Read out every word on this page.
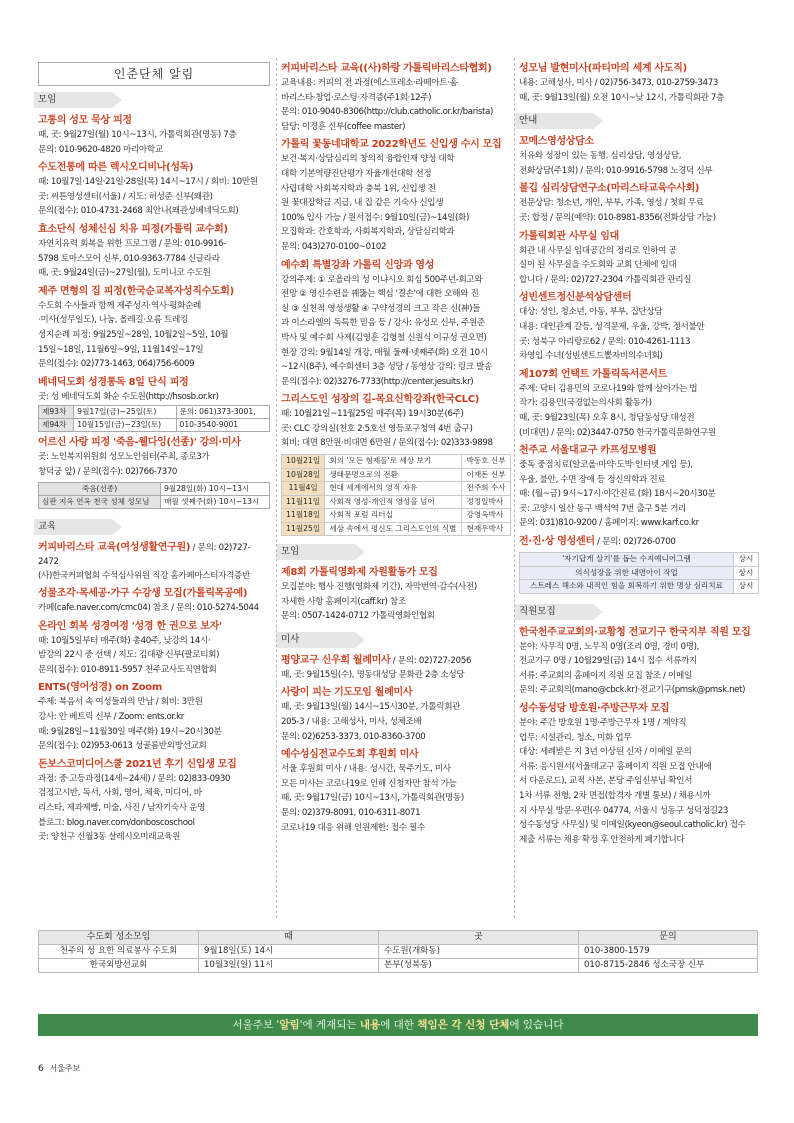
인준단체 알림
모임
고통의 성모 묵상 피정
때, 곳: 9월27일(월) 10시~13시, 가톨릭회관(명동) 7층
문의: 010-9620-4820 마리아학교
수도전통에 따른 렉시오디비나(성독)
때: 10월7일·14일·21일·28일(목) 14시~17시 / 회비: 10만원
곳: 씨튼영성센터(서울) / 지도: 허성준 신부(왜관)
문의(접수): 010-4731-2468 최안나(왜관성베네딕도회)
효소단식 성체신심 치유 피정(가톨릭 교수회)
자연치유력 회복을 위한 프로그램 / 문의: 010-9916-
5798 토마스모어 신부, 010-9363-7784 신글라라
때, 곳: 9월24일(금)~27일(월), 도미니코 수도원
제주 면형의 집 피정(한국순교복자성직수도회)
수도회 수사들과 함께 제주성지·역사·평화순례
·미사(성무일도), 나눔, 올레길·오름 트레킹
성지순례 피정: 9월25일~28일, 10월2일~5일, 10월
15일~18일, 11월6일~9일, 11월14일~17일
문의(접수): 02)773-1463, 064)756-6009
베네딕도회 성경통독 8일 단식 피정
곳: 성 베네딕도회 화순 수도원(http://hsosb.or.kr)
제93차	9월17일(금)~25일(토)	문의: 061)373-3001,
제94차	10월15일(금)~23일(토)	010-3540-9001
어르신 사랑 피정 '죽음-웰다잉(선종)' 강의·미사
곳: 노인복지위원회 성모노인쉼터(주최, 종로3가
창덕궁 앞) / 문의(접수): 02)766-7370
죽음(선종)	9월28일(화) 10시~13시
심판 지옥 연옥 천국 성체 성모님	매월 셋째주(화) 10시~13시
교육
커피바리스타 교육(여성생활연구원) / 문의: 02)727-2472
(사)한국커피협회 수석심사위원 직강 홈카페마스터자격증반
성물조각·목세공·가구 수강생 모집(가톨릭목공예)
카페(cafe.naver.com/cmc04) 참조 / 문의: 010-5274-5044
온라인 회복 성경여정 '성경 한 권으로 보자'
때: 10월5일부터 매주(화) 총40주, 낮강의 14시·
밤강의 22시 중 선택 / 지도: 김대광 신부(팔로티회)
문의(접수): 010-8911-5957 천주교사도직연합회
ENTS(영어성경) on Zoom
주제: 복음서 속 여성들과의 만남 / 회비: 3만원
강사: 안 베트릭 신부 / Zoom: ents.or.kr
때: 9월28일~11월30일 매주(화) 19시~20시30분
문의(접수): 02)953-0613 성골롬반외방선교회
돈보스코미디어스쿨 2021년 후기 신입생 모집
과정: 중·고등과정(14세~24세) / 문의: 02)833-0930
검정고시반, 독서, 사회, 영어, 체육, 미디어, 바
리스타, 제과제빵, 미술, 사진 / 남자기숙사 운영
블로그: blog.naver.com/donboscoschool
곳: 양천구 신월3동 살레시오미래교육원
커피바리스타 교육((사)하랑 가톨릭바리스타협회)
교육내용: 커피의 전 과정(에스프레소·라떼아트·홈
바리스타·창업·로스팅·자격증(주1회·12주)
문의: 010-9040-8306(http://club.catholic.or.kr/barista)
담당: 이경훈 신부(coffee master)
가톨릭 꽃동네대학교 2022학년도 신입생 수시 모집
보건·복지·상담심리의 창의적 융합인재 양성 대학
대학 기본역량진단평가 자율개선대학 선정
사립대학 사회복지학과 충북 1위, 신입생 전
원 꽃대장학금 지급, 내 집 같은 기숙사 신입생
100% 입사 가능 / 원서접수: 9월10일(금)~14일(화)
모집학과: 간호학과, 사회복지학과, 상담심리학과
문의: 043)270-0100~0102
예수회 특별강좌 가톨릭 신앙과 영성
강의주제: ① 로욜라의 성 이냐시오 회심 500주년-회고와
전망 ② 영신수련을 꿰뚫는 핵심 '결손'에 대한 오해와 진
실 ③ 실천적 영성생활 ④ 구약성경의 크고 작은 신(神)들
과 이스라엘의 독특한 믿음 등 / 강사: 유성모 신부, 주원준
박사 및 예수회 사제(김영훈 김형철 신원식 이규성 권오면)
현장 강의: 9월14일 개강, 매월 둘째·넷째주(화) 오전 10시
~12시(8주), 예수회센터 3층 성당 / 동영상 강의: 링크 발송
문의(접수): 02)3276-7733(http://center.jesuits.kr)
그리스도인 성장의 길-목요신학강좌(한국CLC)
때: 10월21일~11월25일 매주(목) 19시30분(6주)
곳: CLC 강의실(천호 2·5호선 영등포구청역 4번 출구)
회비: 대면 8만원·비대면 6만원 / 문의(접수): 02)333-9898
10월21일	회의 '모든 형제들'로 세상 보기	박동호 신부
10월28일	생태문명으로의 전환	이재돈 신부
11월4일	현대 세계에서의 영적 자유	전주희 수사
11월11일	사회적 영성-개인적 영성을 넘어	정정일박사
11월18일	사회적 포럼 리터십	강영옥박사
11월25일	세상 속에서 평신도 그리스도인의 식별	현재우박사
모임
제8회 가톨릭영화제 자원활동가 모집
모집분야: 행사 진행(영화제 기간), 자막번역·감수(사전)
자세한 사항 홈페이지(caff.kr) 참조
문의: 0507-1424-0712 가톨릭영화인협회
미사
평양교구 신우회 월례미사 / 문의: 02)727-2056
때, 곳: 9월15일(수), 명동대성당 문화관 2층 소성당
사랑이 피는 기도모임 월례미사
때, 곳: 9월13일(월) 14시~15시30분, 가톨릭회관
205-3 / 내용: 고해성사, 미사, 성체조배
문의: 02)6253-3373, 010-8360-3700
예수성심전교수도회 후원회 미사
서울 후원회 미사 / 내용: 성시간, 묵주기도, 미사
모든 미사는 코로나19로 인해 신청자만 참석 가능
때, 곳: 9월17일(금) 10시~13시, 가톨릭회관(명동)
문의: 02)379-8091, 010-6311-8071
코로나19 대응 위해 인원제한: 접수 필수
성모님 발현미사(파티마의 세계 사도직)
내용: 고해성사, 미사 / 02)756-3473, 010-2759-3473
때, 곳: 9월13일(월) 오전 10시~낮 12시, 가톨릭회관 7층
안내
꼬메스영성상담소
치유와 성장이 있는 동행. 심리상담, 영성상담,
전화상담(주1회) / 문의: 010-9916-5798 노경덕 신부
볼깁 심리상담연구소(마리스타교육수사회)
전문상담: 청소년, 개인, 부부, 가족, 영성 / 첫회 무료
곳: 합정 / 문의(예약): 010-8981-8356(전화상담 가능)
가톨릭회관 사무실 임대
회관 내 사무실 임대공간의 정리로 인하여 공
실이 된 사무실을 수도회와 교회 단체에 임대
합니다 / 문의: 02)727-2304 가톨릭회관 관리실
성빈센트정신분석상담센터
대상: 성인, 청소년, 아동, 부부, 집단상담
내용: 대인관계 갈등, 성격문제, 우울, 강박, 정서불안
곳: 성북구 아리랑로62 / 문의: 010-4261-1113
차영입 수녀(성빈센트드뽈자비의수녀회)
제107회 언택트 가톨릭독서콘서트
주제: 닥터 김용민의 코로나19와 함께 살아가는 법
작가: 김용민(국경없는의사회 활동가)
때, 곳: 9월23일(목) 오후 8시, 청담동성당 대성전
(비대면) / 문의: 02)3447-0750 한국가톨릭문화연구원
천주교 서울대교구 카프성모병원
중독 중점치료(알코올·마약·도박·인터넷 게임 등),
우울, 불안, 수면 장애 등 정신의학과 진료
때: (월~금) 9시~17시·야간진료 (화) 18시~20시30분
곳: 고양시 일산 동구 백석역 7번 출구 5분 거리
문의: 031)810-9200 / 홈페이지: www.karf.co.kr
전·진·상 영성센터 / 문의: 02)726-0700
'자기답게 살기'를 돕는 수지예니어그램	상시
의식성장을 위한 내면아이 작업	상시
스트레스 해소와 내적인 힘을 회복하기 위한 명상 심리치료	상시
직원모집
한국천주교교회의·교황청 전교기구 한국지부 직원 모집
분야: 사무직 0명, 노무직 0명(조리 0명, 경비 0명),
전교기구 0명 / 10월29일(금) 14시 접수 서류까지
서류: 주교회의 홈페이지 직원 모집 참조 / 이메일
문의: 주교회의(mano@cbck.kr)·전교기구(pmsk@pmsk.net)
성수동성당 방호원·주방근무자 모집
분야: 주간 방호원 1명·주방근무자 1명 / 계약직
업무: 시설관리, 청소, 미화 업무
대상: 세례받은 지 3년 이상된 신자 / 이메일 문의
서류: 응시원서(서울대교구 홈페이지 직원 모집 안내에
서 다운로드), 교적 사본, 본당 주임신부님 확인서
1차 서류 전형, 2차 면접(합격자 개별 통보) / 채용시까
지 사무실 방문·우편(우 04774, 서울시 성동구 성덕정길23
성수동성당 사무실) 및 이메일(kyeon@seoul.catholic.kr) 접수
제출 서류는 채용 확정 후 안전하게 폐기합니다
수도회 성소모임	때	곳	문의
천주의 성 요한 의료봉사 수도회	9월18일(토) 14시	수도원(개화동)	010-3800-1579
한국외방선교회	10월3일(일) 11시	본부(성북동)	010-8715-2846 성소국장 신부
서울주보 '알림'에 게재되는 내용에 대한 책임은 각 신청 단체에 있습니다
6 서울주보
